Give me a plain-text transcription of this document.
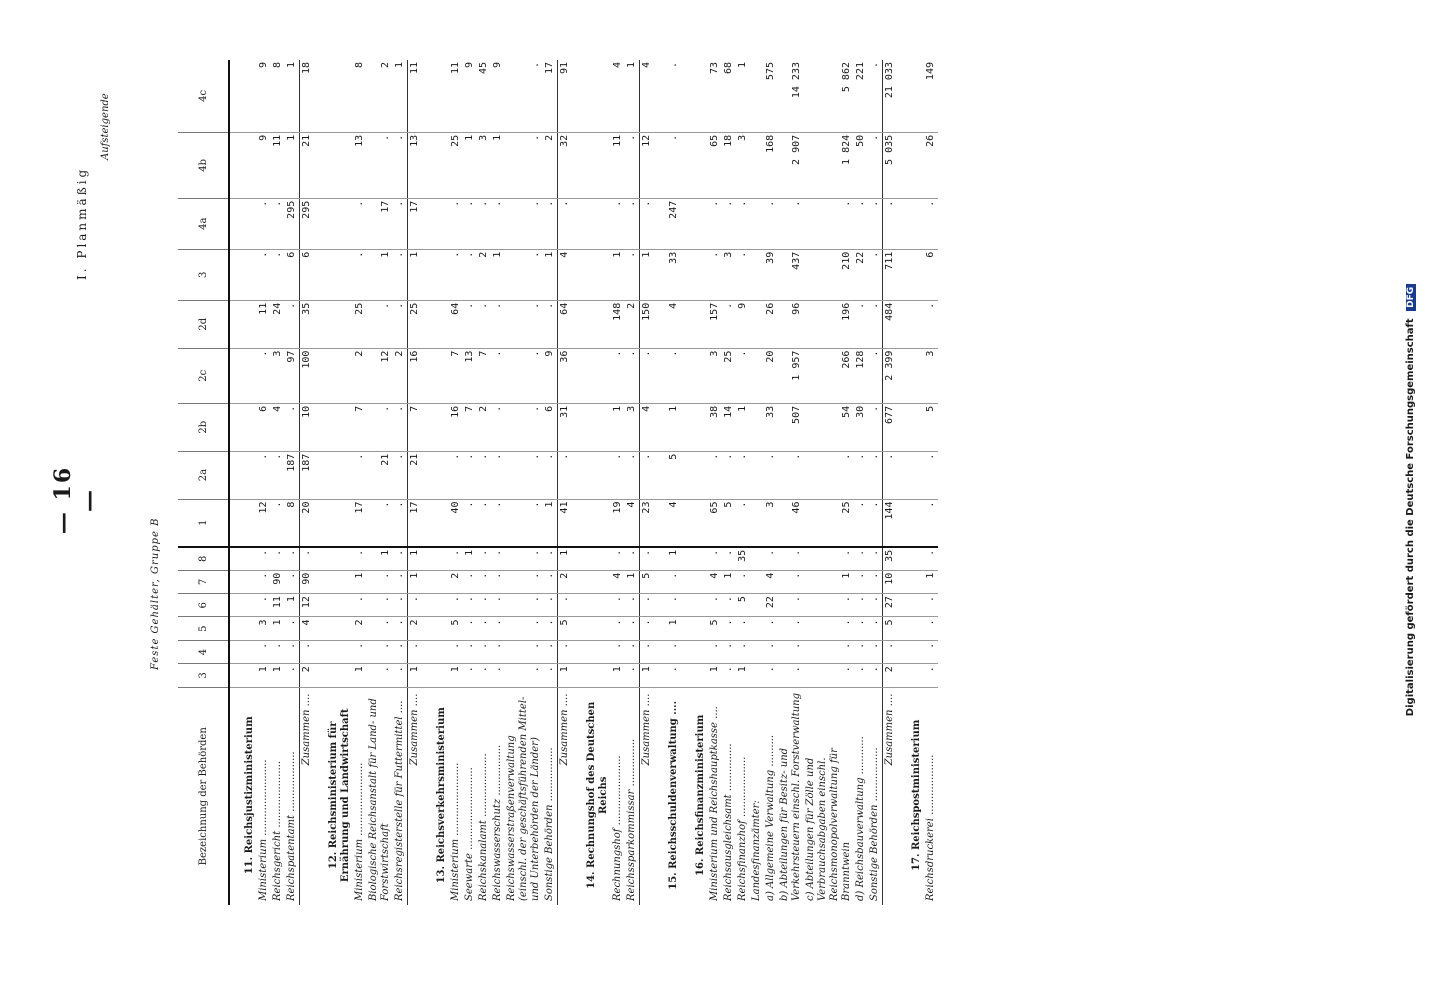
— 16 —
I. Planmäßig
Aufsteigende
Feste Gehälter, Gruppe B
Bezeichnung der Behörden	3	4	5	6	7	8	1	2a	2b	2c	2d	3	4a	4b	4c
11. Reichsjustizministerium															
Ministerium ........................	1	.	3	.	.	.	12	.	6	.	11	.	.	9	9
Reichsgericht .....................	1	.	1	11	90	.	.	.	4	3	24	.	.	11	8
Reichspatentamt ...................	.	.	.	1	.	.	8	187	.	97	.	6	295	1	1
Zusammen ....	2	.	4	12	90	.	20	187	10	100	35	6	295	21	18
12. Reichsministerium für Ernährung und Landwirtschaft															
Ministerium .......................	1	.	2	.	1	.	17	.	7	2	25	.	.	13	8
Biologische Reichsanstalt für Land- und Forstwirtschaft	.	.	.	.	.	1	.	21	.	12	.	1	17	.	2
Reichsregisterstelle für Futtermittel ....	.	.	.	.	.	.	.	.	.	2	.	.	.	.	1
Zusammen ....	1	.	2	.	1	1	17	21	7	16	25	1	17	13	11
13. Reichsverkehrsministerium															
Ministerium .......................	1	.	5	.	2	.	40	.	16	7	64	.	.	25	11
Seewarte ..........................	.	.	.	.	.	1	.	.	7	13	.	.	.	1	9
Reichskanalamt ....................	.	.	.	.	.	.	.	.	2	7	.	2	.	3	45
Reichswasserschutz ................	.	.	.	.	.	.	.	.	.	.	.	1	.	1	9
Reichswasserstraßenverwaltung (einschl. der geschäftsführenden Mittel- und Unterbehörden der Länder)	.	.	.	.	.	.	.	.	.	.	.	.	.	.	.
Sonstige Behörden .................	.	.	.	.	.	.	1	.	6	9	.	1	.	2	17
Zusammen ....	1	.	5	.	2	1	41	.	31	36	64	4	.	32	91
14. Rechnungshof des Deutschen Reichs															
Rechnungshof ......................	1	.	.	.	4	.	19	.	1	.	148	1	.	11	4
Reichssparkommissar ...............	.	.	.	.	1	.	4	.	3	.	2	.	.	.	1
Zusammen ....	1	.	.	.	5	.	23	.	4	.	150	1	.	12	4
15. Reichsschuldenverwaltung ....	.	.	1	.	.	1	4	5	1	.	4	33	247	.	.
16. Reichsfinanzministerium															
Ministerium und Reichshauptkasse ....	1	.	5	.	4	.	65	.	38	3	157	.	.	65	73
Reichsausgleichsamt ...............	.	.	.	.	1	.	5	.	14	25	.	3	.	18	68
Reichsfinanzhof ...................	1	.	.	5	.	35	.	.	1	.	9	.	.	3	1
Landesfinanzämter:															
a) Allgemeine Verwaltung ..........	.	.	.	22	4	.	3	.	33	20	26	39	.	168	575
b) Abteilungen für Besitz- und Verkehrsteuern einschl. Forstverwaltung	.	.	.	.	.	.	46	.	507	1 957	96	437	.	2 907	14 233
c) Abteilungen für Zölle und Verbrauchsabgaben einschl. Reichsmonopolverwaltung für Branntwein	.	.	.	.	1	.	25	.	54	266	196	210	.	1 824	5 862
d) Reichsbauverwaltung ............	.	.	.	.	.	.	.	.	30	128	.	22	.	50	221
Sonstige Behörden .................	.	.	.	.	.	.	.	.	.	.	.	.	.	.	.
Zusammen ....	2	.	5	27	10	35	144	.	677	2 399	484	711	.	5 035	21 033
17. Reichspostministerium															
Reichsdruckerei ...................	.	.	.	.	1	.	.	.	5	3	.	6	.	26	149
Digitalisierung gefördert durch die Deutsche Forschungsgemeinschaft DFG
